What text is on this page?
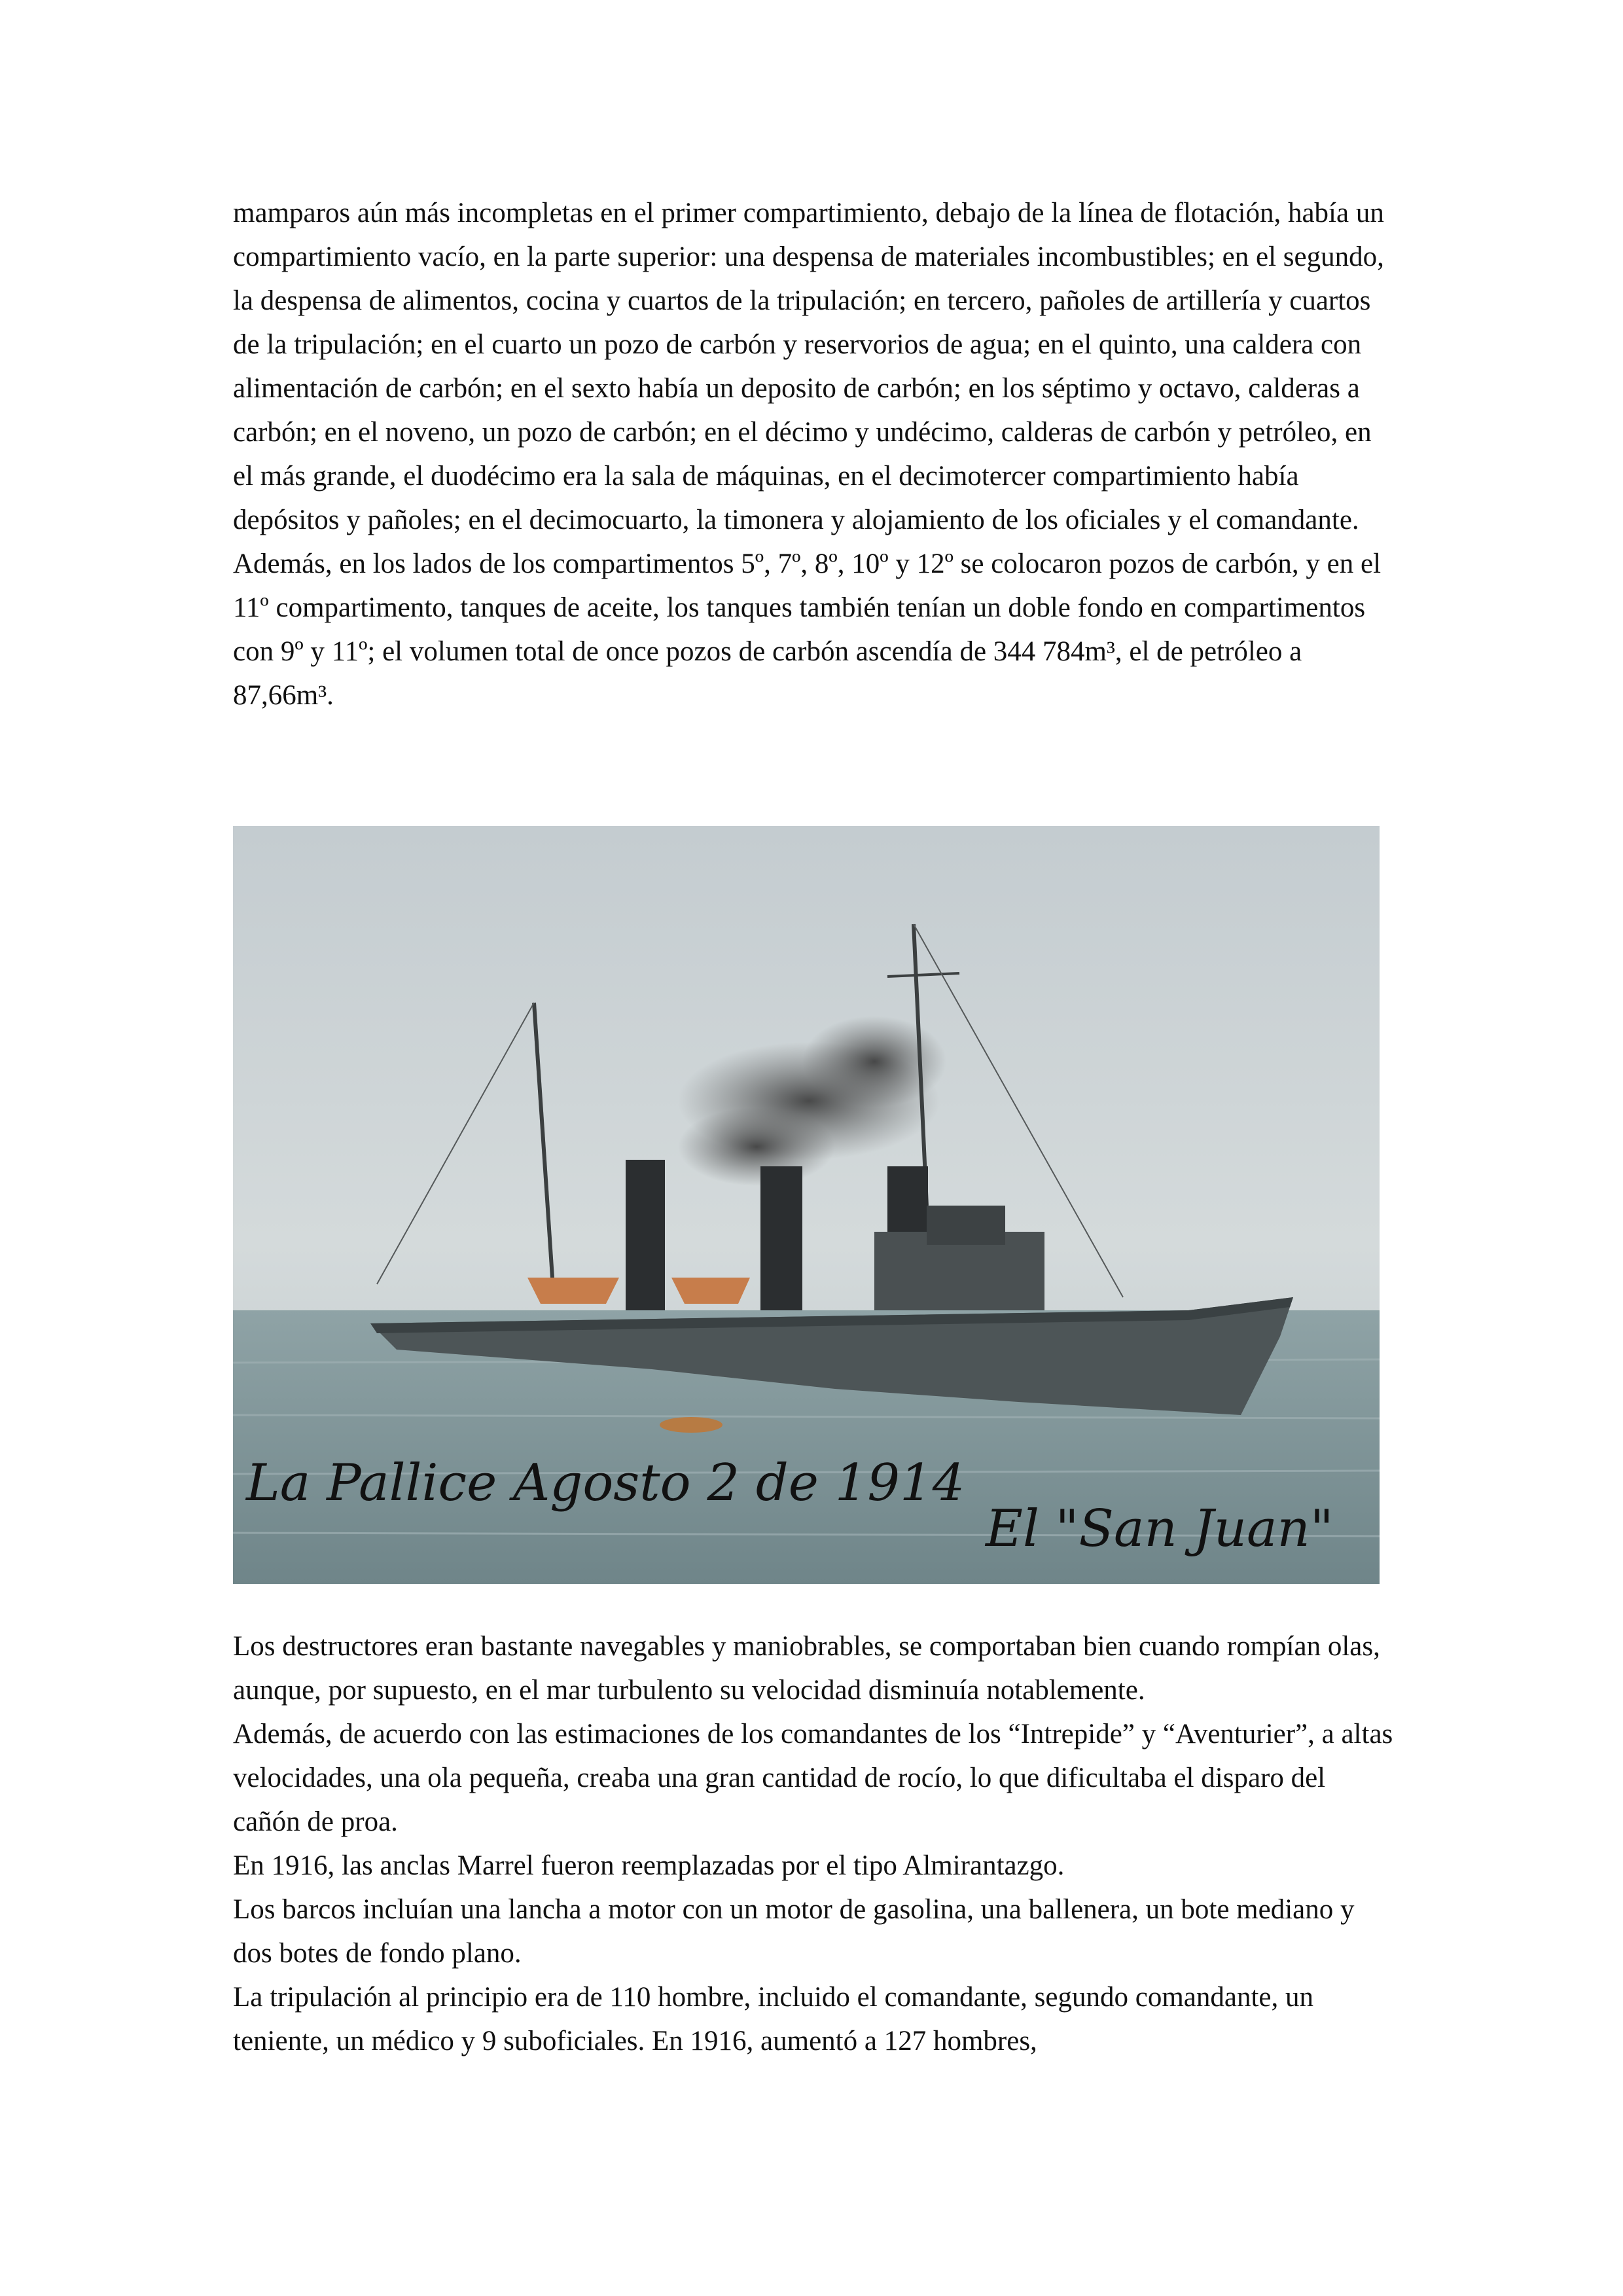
mamparos aún más incompletas en el primer compartimiento, debajo de la línea de flotación, había un compartimiento vacío, en la parte superior: una despensa de materiales incombustibles; en el segundo, la despensa de alimentos, cocina y cuartos de la tripulación; en tercero, pañoles de artillería y cuartos de la tripulación; en el cuarto un pozo de carbón y reservorios de agua; en el quinto, una caldera con alimentación de carbón; en el sexto había un deposito de carbón; en los séptimo y octavo, calderas a carbón; en el noveno, un pozo de carbón; en el décimo y undécimo, calderas de carbón y petróleo, en el más grande, el duodécimo era la sala de máquinas, en el decimotercer compartimiento había depósitos y pañoles; en el decimocuarto, la timonera y alojamiento de los oficiales y el comandante. Además, en los lados de los compartimentos 5º, 7º, 8º, 10º y 12º se colocaron pozos de carbón, y en el 11º compartimento, tanques de aceite, los tanques también tenían un doble fondo en compartimentos con 9º y 11º; el volumen total de once pozos de carbón ascendía de 344 784m³, el de petróleo a 87,66m³.

La Pallice Agosto 2 de 1914
El "San Juan"

Los destructores eran bastante navegables y maniobrables, se comportaban bien cuando rompían olas, aunque, por supuesto, en el mar turbulento su velocidad disminuía notablemente.

Además, de acuerdo con las estimaciones de los comandantes de los “Intrepide” y “Aventurier”, a altas velocidades, una ola pequeña, creaba una gran cantidad de rocío, lo que dificultaba el disparo del cañón de proa.

En 1916, las anclas Marrel fueron reemplazadas por el tipo Almirantazgo.

Los barcos incluían una lancha a motor con un motor de gasolina, una ballenera, un bote mediano y dos botes de fondo plano.

La tripulación al principio era de 110 hombre, incluido el comandante, segundo comandante, un teniente, un médico y 9 suboficiales. En 1916, aumentó a 127 hombres,
